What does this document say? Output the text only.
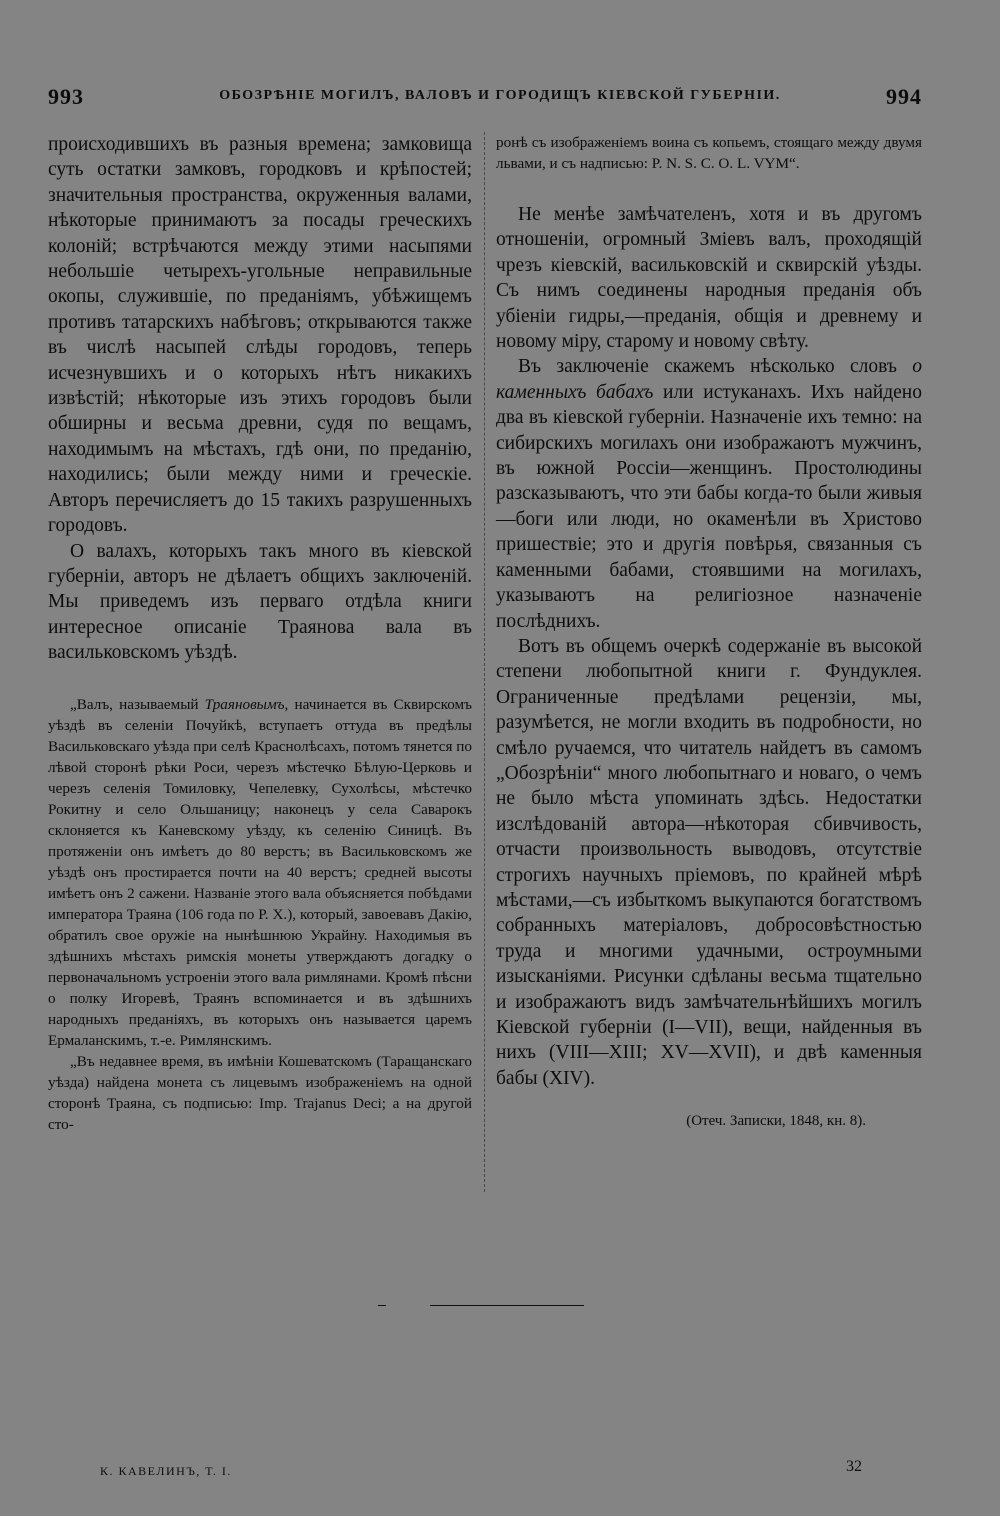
993	ОБОЗРѢНІЕ МОГИЛЪ, ВАЛОВЪ И ГОРОДИЩЪ КІЕВСКОЙ ГУБЕРНІИ.	994

происходившихъ въ разныя времена; замковища суть остатки замковъ, городковъ и крѣпостей; значительныя пространства, окруженныя валами, нѣкоторые принимаютъ за посады греческихъ колоній; встрѣчаются между этими насыпями небольшіе четырехъ-угольные неправильные окопы, служившіе, по преданіямъ, убѣжищемъ противъ татарскихъ набѣговъ; открываются также въ числѣ насыпей слѣды городовъ, теперь исчезнувшихъ и о которыхъ нѣтъ никакихъ извѣстій; нѣкоторые изъ этихъ городовъ были обширны и весьма древни, судя по вещамъ, находимымъ на мѣстахъ, гдѣ они, по преданію, находились; были между ними и греческіе. Авторъ перечисляетъ до 15 такихъ разрушенныхъ городовъ.

О валахъ, которыхъ такъ много въ кіевской губерніи, авторъ не дѣлаетъ общихъ заключеній. Мы приведемъ изъ перваго отдѣла книги интересное описаніе Траянова вала въ васильковскомъ уѣздѣ.

„Валъ, называемый Траяновымъ, начинается въ Сквирскомъ уѣздѣ въ селеніи Почуйкѣ, вступаетъ оттуда въ предѣлы Васильковскаго уѣзда при селѣ Краснолѣсахъ, потомъ тянется по лѣвой сторонѣ рѣки Роси, черезъ мѣстечко Бѣлую-Церковь и черезъ селенія Томиловку, Чепелевку, Сухолѣсы, мѣстечко Рокитну и село Ольшаницу; наконецъ у села Саварокъ склоняется къ Каневскому уѣзду, къ селенію Синицѣ. Въ протяженіи онъ имѣетъ до 80 верстъ; въ Васильковскомъ же уѣздѣ онъ простирается почти на 40 верстъ; средней высоты имѣетъ онъ 2 сажени. Названіе этого вала объясняется побѣдами императора Траяна (106 года по Р. Х.), который, завоевавъ Дакію, обратилъ свое оружіе на нынѣшнюю Украйну. Находимыя въ здѣшнихъ мѣстахъ римскія монеты утверждаютъ догадку о первоначальномъ устроеніи этого вала римлянами. Кромѣ пѣсни о полку Игоревѣ, Траянъ вспоминается и въ здѣшнихъ народныхъ преданіяхъ, въ которыхъ онъ называется царемъ Ермаланскимъ, т.-е. Римлянскимъ.

„Въ недавнее время, въ имѣніи Кошеватскомъ (Таращанскаго уѣзда) найдена монета съ лицевымъ изображеніемъ на одной сторонѣ Траяна, съ подписью: Imp. Trajanus Deci; а на другой сто-

ронѣ съ изображеніемъ воина съ копьемъ, стоящаго между двумя львами, и съ надписью: P. N. S. C. O. L. VYM“.

Не менѣе замѣчателенъ, хотя и въ другомъ отношеніи, огромный Зміевъ валъ, проходящій чрезъ кіевскій, васильковскій и сквирскій уѣзды. Съ нимъ соединены народныя преданія объ убіеніи гидры,—преданія, общія и древнему и новому міру, старому и новому свѣту.

Въ заключеніе скажемъ нѣсколько словъ о каменныхъ бабахъ или истуканахъ. Ихъ найдено два въ кіевской губерніи. Назначеніе ихъ темно: на сибирскихъ могилахъ они изображаютъ мужчинъ, въ южной Россіи—женщинъ. Простолюдины разсказываютъ, что эти бабы когда-то были живыя—боги или люди, но окаменѣли въ Христово пришествіе; это и другія повѣрья, связанныя съ каменными бабами, стоявшими на могилахъ, указываютъ на религіозное назначеніе послѣднихъ.

Вотъ въ общемъ очеркѣ содержаніе въ высокой степени любопытной книги г. Фундуклея. Ограниченные предѣлами рецензіи, мы, разумѣется, не могли входить въ подробности, но смѣло ручаемся, что читатель найдетъ въ самомъ „Обозрѣніи“ много любопытнаго и новаго, о чемъ не было мѣста упоминать здѣсь. Недостатки изслѣдованій автора—нѣкоторая сбивчивость, отчасти произвольность выводовъ, отсутствіе строгихъ научныхъ пріемовъ, по крайней мѣрѣ мѣстами,—съ избыткомъ выкупаются богатствомъ собранныхъ матеріаловъ, добросовѣстностью труда и многими удачными, остроумными изысканіями. Рисунки сдѣланы весьма тщательно и изображаютъ видъ замѣчательнѣйшихъ могилъ Кіевской губерніи (I—VII), вещи, найденныя въ нихъ (VIII—XIII; XV—XVII), и двѣ каменныя бабы (XIV).

(Отеч. Записки, 1848, кн. 8).

К. КАВЕЛИНЪ, Т. I.	32
